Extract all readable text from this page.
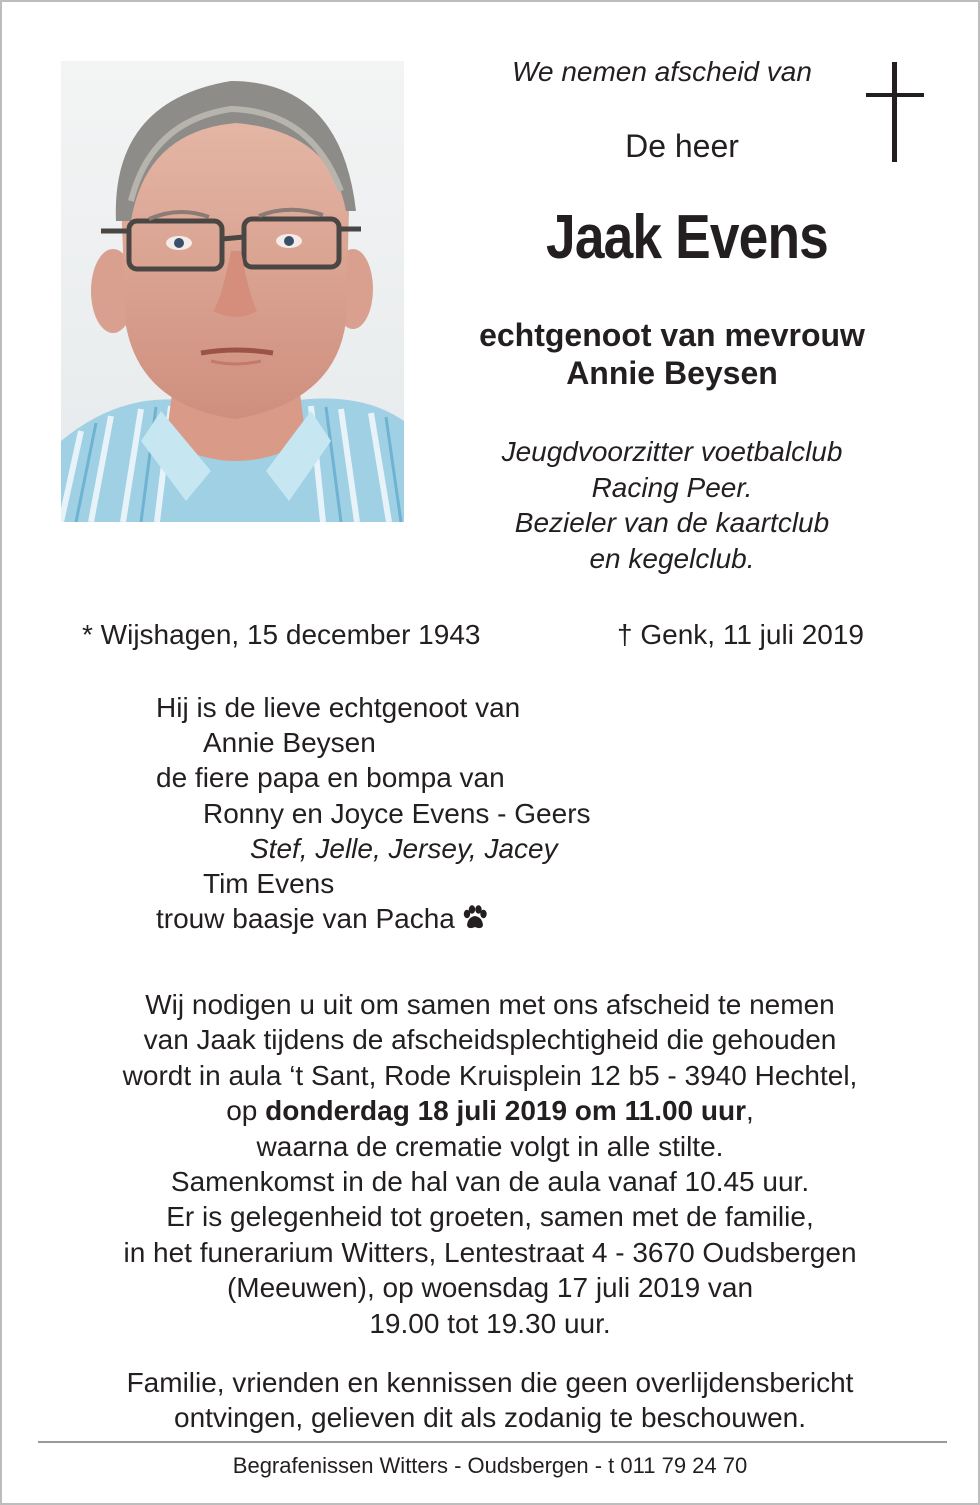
We nemen afscheid van
De heer
Jaak Evens
echtgenoot van mevrouw
Annie Beysen
Jeugdvoorzitter voetbalclub
Racing Peer.
Bezieler van de kaartclub
en kegelclub.
* Wijshagen, 15 december 1943	† Genk, 11 juli 2019
Hij is de lieve echtgenoot van
Annie Beysen
de fiere papa en bompa van
Ronny en Joyce Evens - Geers
Stef, Jelle, Jersey, Jacey
Tim Evens
trouw baasje van Pacha
Wij nodigen u uit om samen met ons afscheid te nemen
van Jaak tijdens de afscheidsplechtigheid die gehouden
wordt in aula ‘t Sant, Rode Kruisplein 12 b5 - 3940 Hechtel,
op donderdag 18 juli 2019 om 11.00 uur,
waarna de crematie volgt in alle stilte.
Samenkomst in de hal van de aula vanaf 10.45 uur.
Er is gelegenheid tot groeten, samen met de familie,
in het funerarium Witters, Lentestraat 4 - 3670 Oudsbergen
(Meeuwen), op woensdag 17 juli 2019 van
19.00 tot 19.30 uur.
Familie, vrienden en kennissen die geen overlijdensbericht
ontvingen, gelieven dit als zodanig te beschouwen.
Begrafenissen Witters - Oudsbergen - t 011 79 24 70
